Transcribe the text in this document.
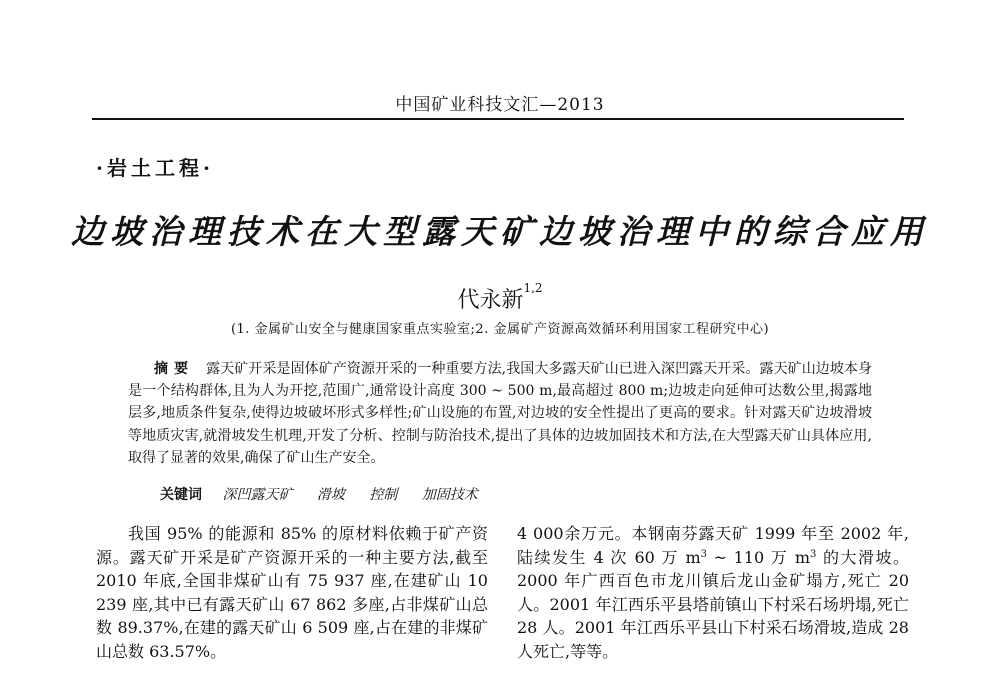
中国矿业科技文汇—2013
·岩土工程·
边坡治理技术在大型露天矿边坡治理中的综合应用
代永新$^{1,2}$
(1. 金属矿山安全与健康国家重点实验室;2. 金属矿产资源高效循环利用国家工程研究中心)
摘要 露天矿开采是固体矿产资源开采的一种重要方法,我国大多露天矿山已进入深凹露天开采。露天矿山边坡本身是一个结构群体,且为人为开挖,范围广,通常设计高度 300 ~ 500 m,最高超过 800 m;边坡走向延伸可达数公里,揭露地层多,地质条件复杂,使得边坡破坏形式多样性;矿山设施的布置,对边坡的安全性提出了更高的要求。针对露天矿边坡滑坡等地质灾害,就滑坡发生机理,开发了分析、控制与防治技术,提出了具体的边坡加固技术和方法,在大型露天矿山具体应用,取得了显著的效果,确保了矿山生产安全。
关键词 深凹露天矿 滑坡 控制 加固技术
我国 95% 的能源和 85% 的原材料依赖于矿产资源。露天矿开采是矿产资源开采的一种主要方法,截至 2010 年底,全国非煤矿山有 75 937 座,在建矿山 10 239 座,其中已有露天矿山 67 862 多座,占非煤矿山总数 89.37%,在建的露天矿山 6 509 座,占在建的非煤矿山总数 63.57%。
4 000余万元。本钢南芬露天矿 1999 年至 2002 年,陆续发生 4 次 60 万 $m^3$ ~ 110 万 $m^3$ 的大滑坡。2000 年广西百色市龙川镇后龙山金矿塌方,死亡 20 人。2001 年江西乐平县塔前镇山下村采石场坍塌,死亡 28 人。2001 年江西乐平县山下村采石场滑坡,造成 28 人死亡,等等。
